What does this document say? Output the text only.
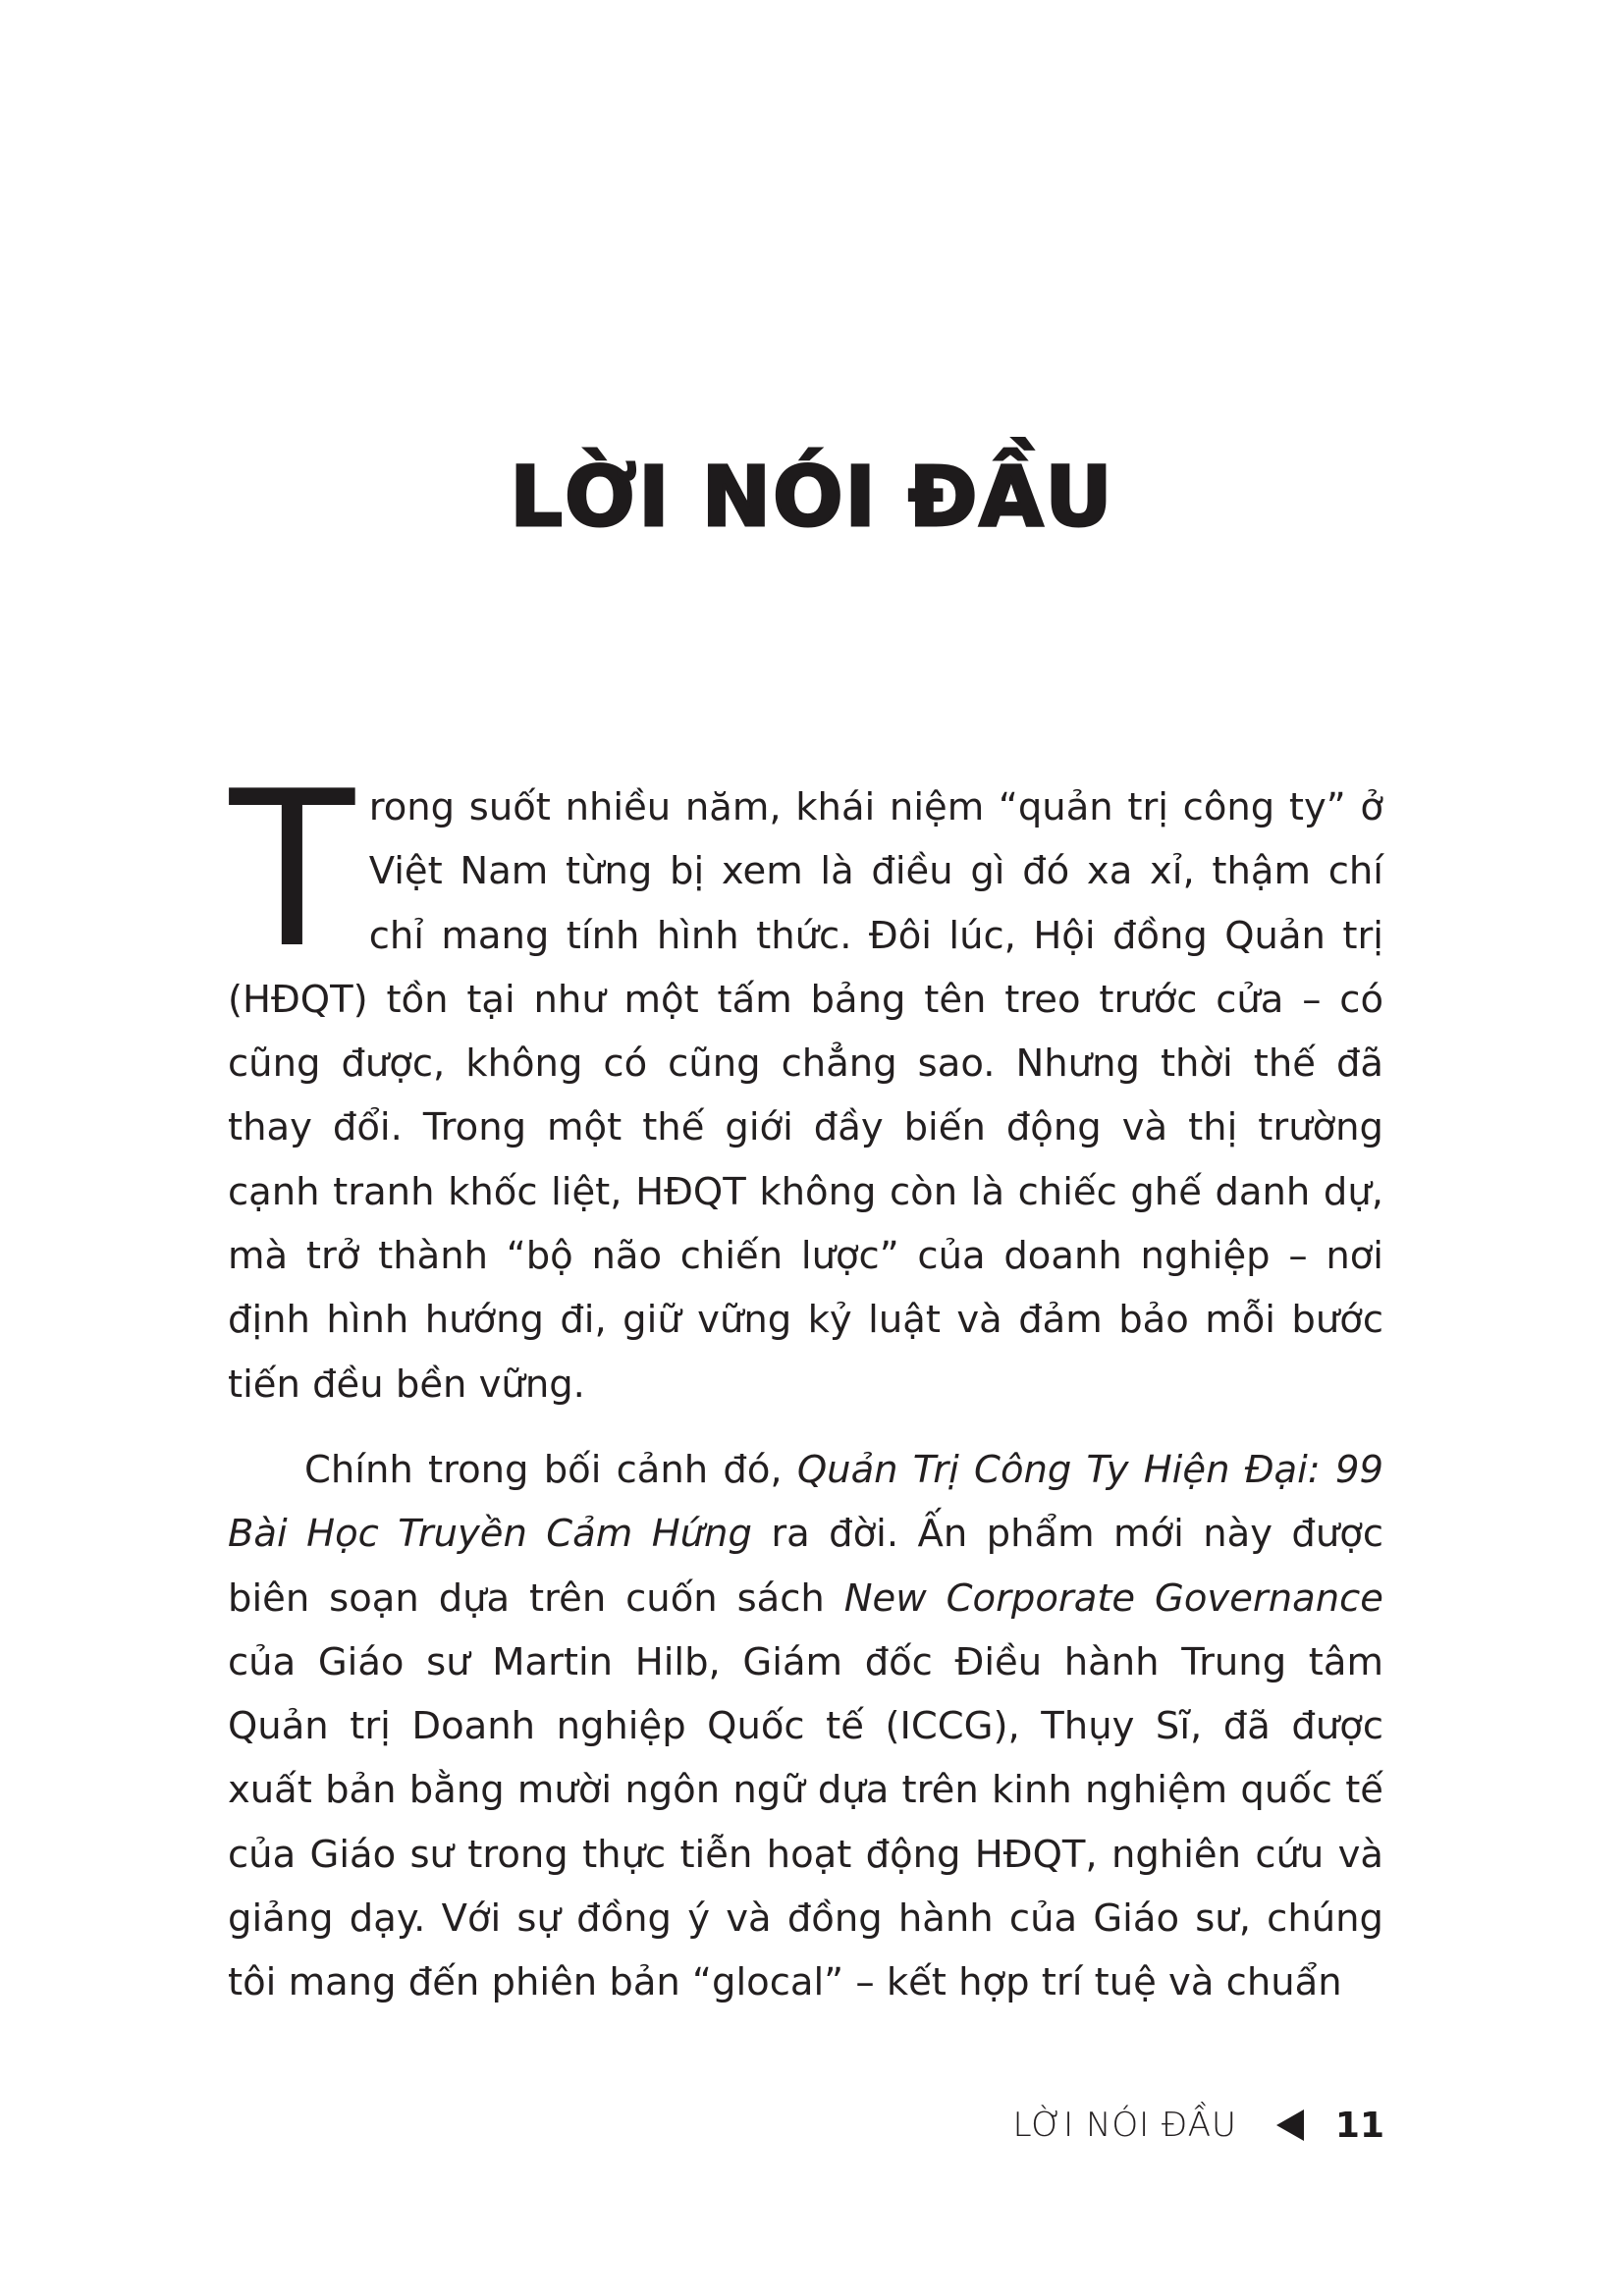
LỜI NÓI ĐẦU

Trong suốt nhiều năm, khái niệm “quản trị công ty” ở Việt Nam từng bị xem là điều gì đó xa xỉ, thậm chí chỉ mang tính hình thức. Đôi lúc, Hội đồng Quản trị (HĐQT) tồn tại như một tấm bảng tên treo trước cửa – có cũng được, không có cũng chẳng sao. Nhưng thời thế đã thay đổi. Trong một thế giới đầy biến động và thị trường cạnh tranh khốc liệt, HĐQT không còn là chiếc ghế danh dự, mà trở thành “bộ não chiến lược” của doanh nghiệp – nơi định hình hướng đi, giữ vững kỷ luật và đảm bảo mỗi bước tiến đều bền vững.

Chính trong bối cảnh đó, Quản Trị Công Ty Hiện Đại: 99 Bài Học Truyền Cảm Hứng ra đời. Ấn phẩm mới này được biên soạn dựa trên cuốn sách New Corporate Governance của Giáo sư Martin Hilb, Giám đốc Điều hành Trung tâm Quản trị Doanh nghiệp Quốc tế (ICCG), Thụy Sĩ, đã được xuất bản bằng mười ngôn ngữ dựa trên kinh nghiệm quốc tế của Giáo sư trong thực tiễn hoạt động HĐQT, nghiên cứu và giảng dạy. Với sự đồng ý và đồng hành của Giáo sư, chúng tôi mang đến phiên bản “glocal” – kết hợp trí tuệ và chuẩn

LỜI NÓI ĐẦU	11
